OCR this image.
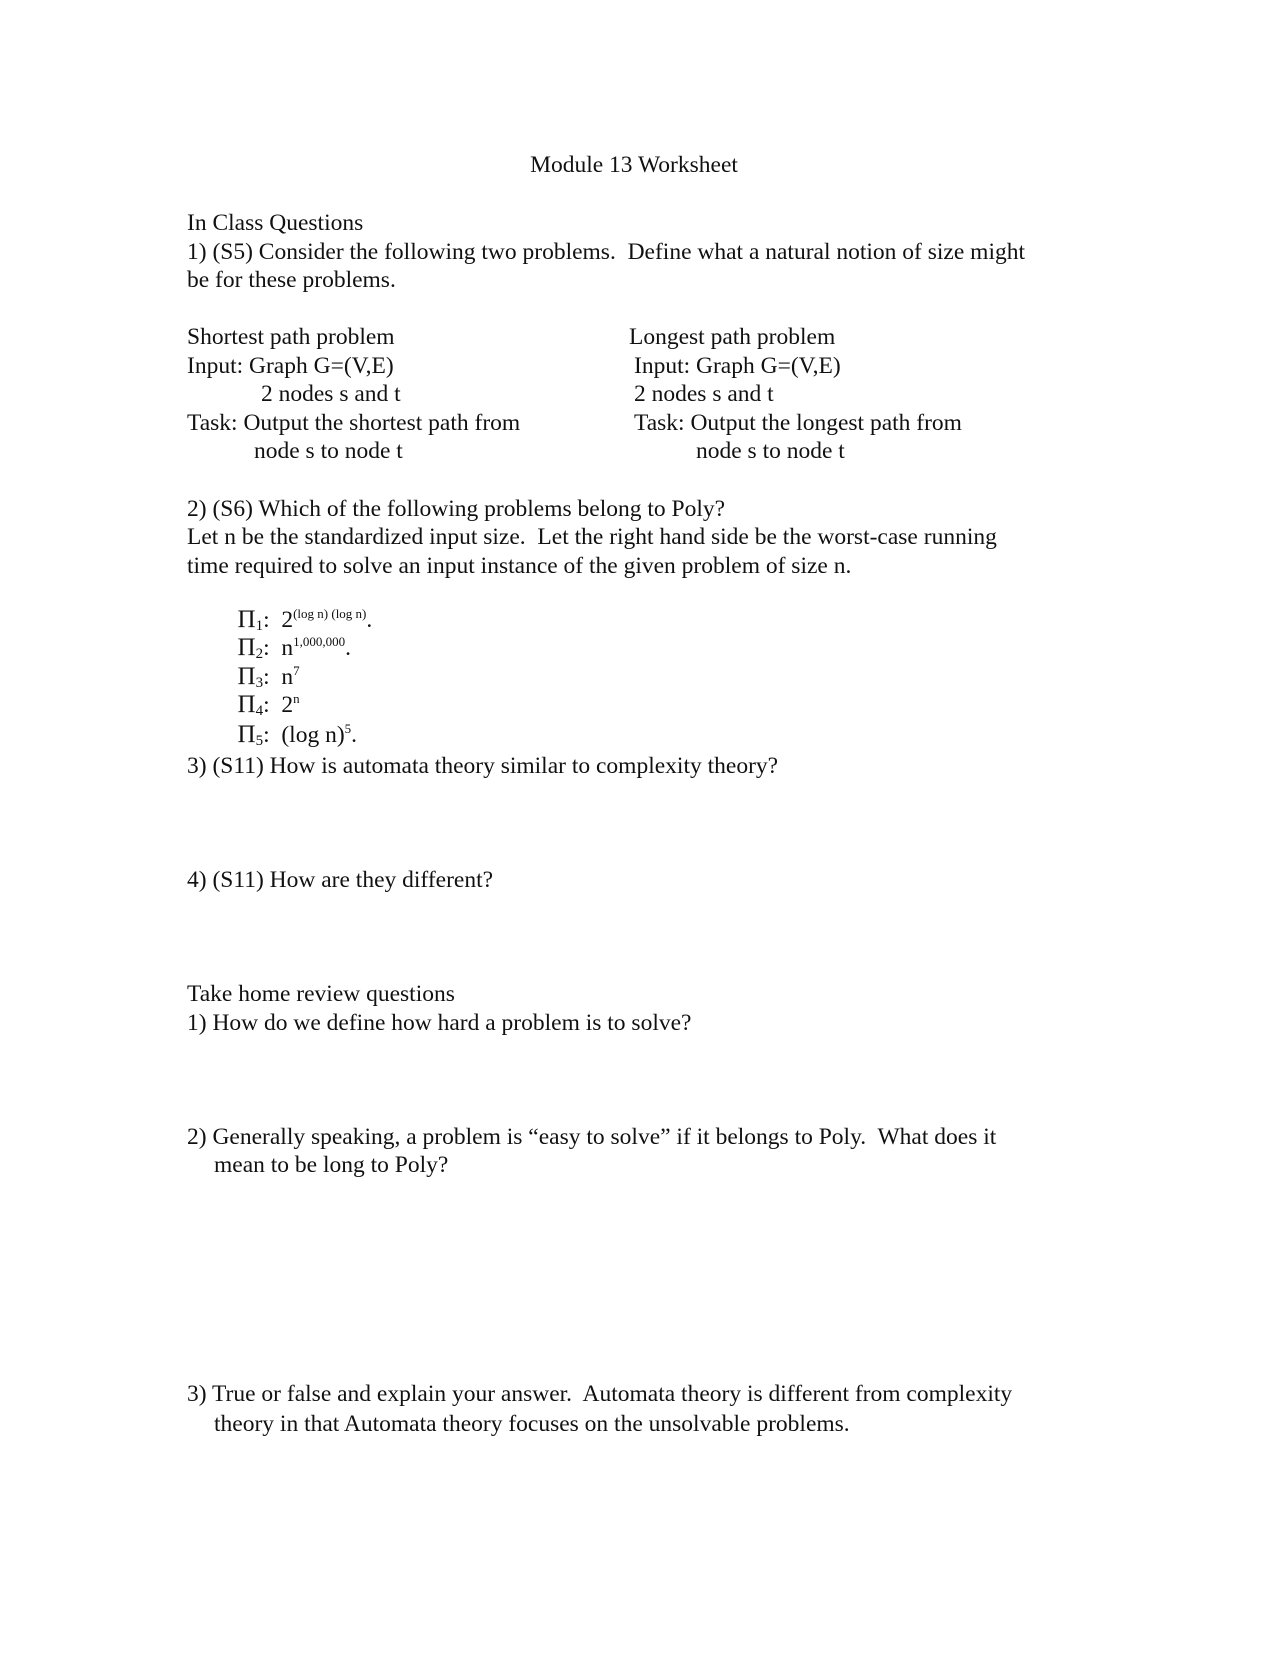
Module 13 Worksheet
In Class Questions
1) (S5) Consider the following two problems.  Define what a natural notion of size might
be for these problems.
Shortest path problem
Input: Graph G=(V,E)
2 nodes s and t
Task: Output the shortest path from
node s to node t
Longest path problem
Input: Graph G=(V,E)
2 nodes s and t
Task: Output the longest path from
node s to node t
2) (S6) Which of the following problems belong to Poly?
Let n be the standardized input size.  Let the right hand side be the worst-case running
time required to solve an input instance of the given problem of size n.

$\Pi_1$:  $2^{(log n) (log n)}$.

$\Pi_2$:  $n^{1,000,000}$.

$\Pi_3$:  $n^7$

$\Pi_4$:  2$^n$

$\Pi_5$:  (log n)$^5$.

3) (S11) How is automata theory similar to complexity theory?
4) (S11) How are they different?
Take home review questions
1) How do we define how hard a problem is to solve?
2) Generally speaking, a problem is “easy to solve” if it belongs to Poly.  What does it
mean to be long to Poly?
3) True or false and explain your answer.  Automata theory is different from complexity
theory in that Automata theory focuses on the unsolvable problems.
